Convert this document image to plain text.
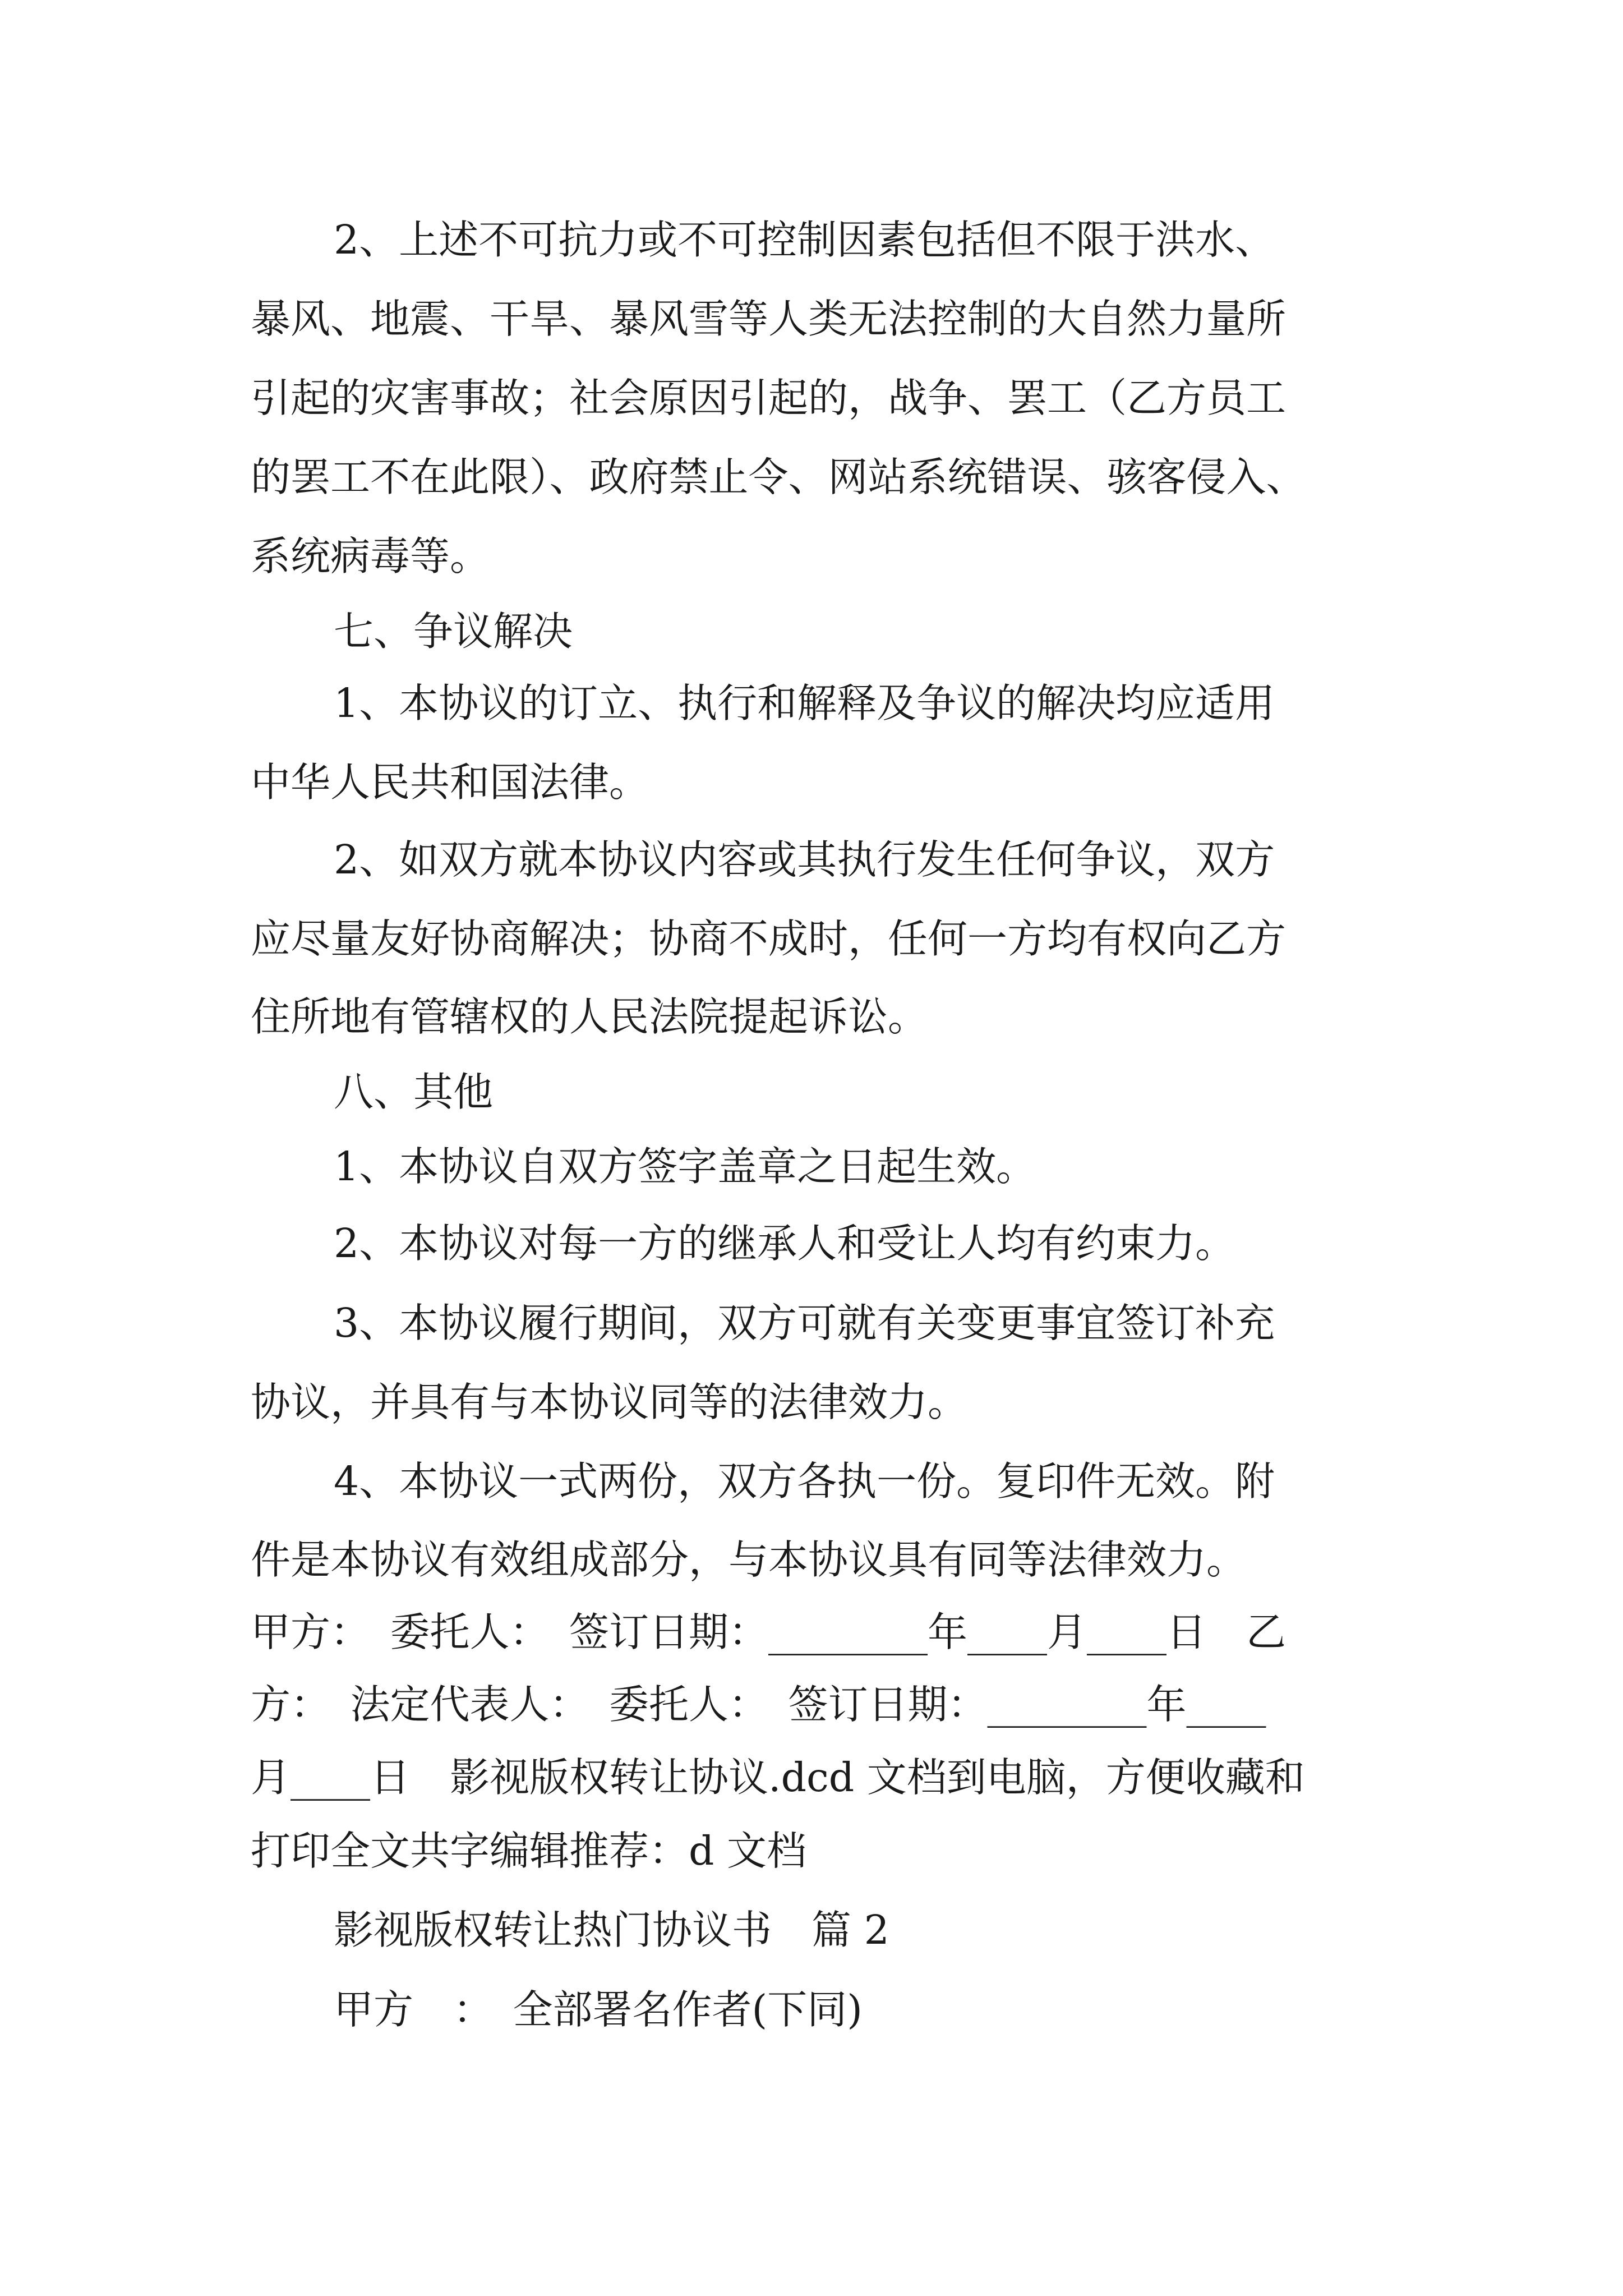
2、上述不可抗力或不可控制因素包括但不限于洪水、

暴风、地震、干旱、暴风雪等人类无法控制的大自然力量所

引起的灾害事故；社会原因引起的，战争、罢工（乙方员工

的罢工不在此限）、政府禁止令、网站系统错误、骇客侵入、

系统病毒等。

七、争议解决

1、本协议的订立、执行和解释及争议的解决均应适用

中华人民共和国法律。

2、如双方就本协议内容或其执行发生任何争议，双方

应尽量友好协商解决；协商不成时，任何一方均有权向乙方

住所地有管辖权的人民法院提起诉讼。

八、其他

1、本协议自双方签字盖章之日起生效。

2、本协议对每一方的继承人和受让人均有约束力。

3、本协议履行期间，双方可就有关变更事宜签订补充

协议，并具有与本协议同等的法律效力。

4、本协议一式两份，双方各执一份。复印件无效。附

件是本协议有效组成部分，与本协议具有同等法律效力。

甲方：　委托人：　签订日期：________年____月____日　乙

方：　法定代表人：　委托人：　签订日期：________年____

月____日　影视版权转让协议.dcd 文档到电脑，方便收藏和

打印全文共字编辑推荐：d 文档

影视版权转让热门协议书　篇 2

甲方　：　全部署名作者(下同)
